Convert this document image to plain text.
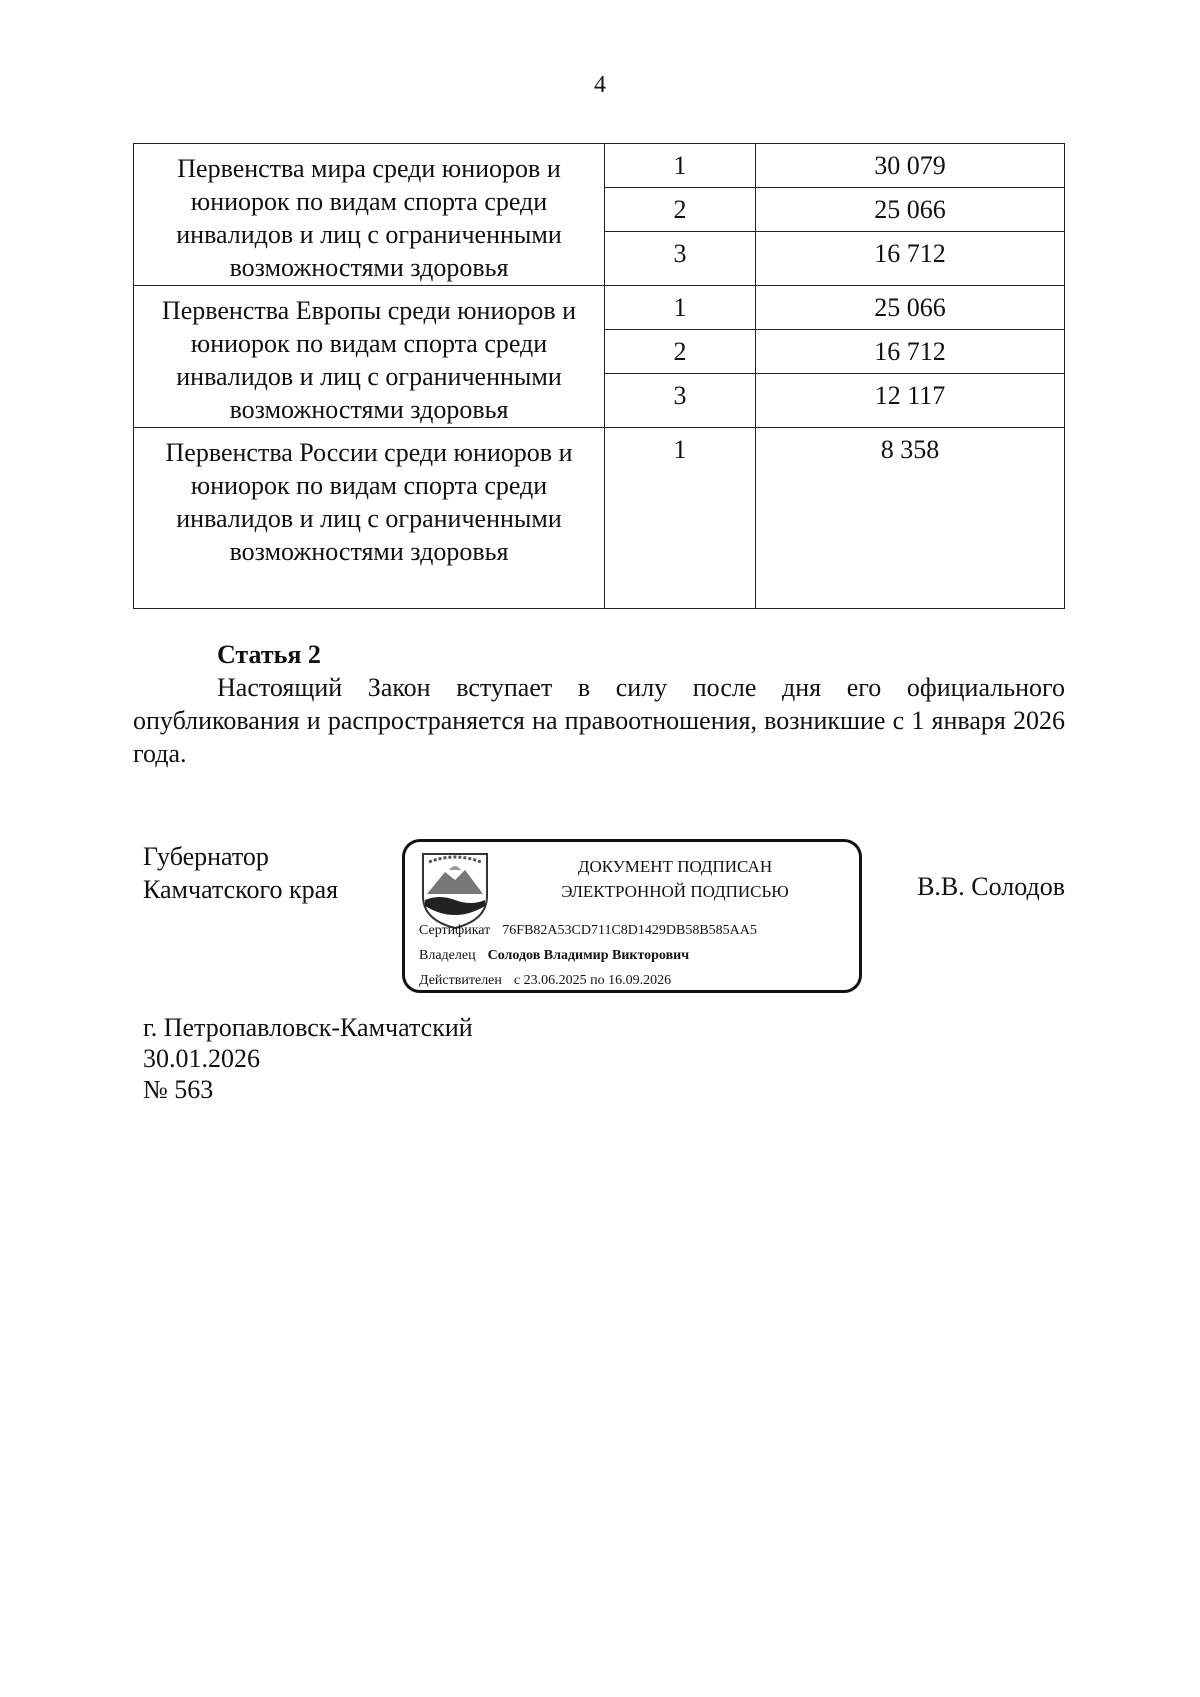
4
Первенства мира среди юниоров и юниорок по видам спорта среди инвалидов и лиц с ограниченными возможностями здоровья	1	30 079
	2	25 066
	3	16 712
Первенства Европы среди юниоров и юниорок по видам спорта среди инвалидов и лиц с ограниченными возможностями здоровья	1	25 066
	2	16 712
	3	12 117
Первенства России среди юниоров и юниорок по видам спорта среди инвалидов и лиц с ограниченными возможностями здоровья	1	8 358
Статья 2

Настоящий Закон вступает в силу после дня его официального опубликования и распространяется на правоотношения, возникшие с 1 января 2026 года.

Губернатор
Камчатского края
ДОКУМЕНТ ПОДПИСАН
ЭЛЕКТРОННОЙ ПОДПИСЬЮ
Сертификат 76FB82A53CD711C8D1429DB58B585AA5
Владелец Солодов Владимир Викторович
Действителен с 23.06.2025 по 16.09.2026
В.В. Солодов
г. Петропавловск-Камчатский
30.01.2026
№ 563
